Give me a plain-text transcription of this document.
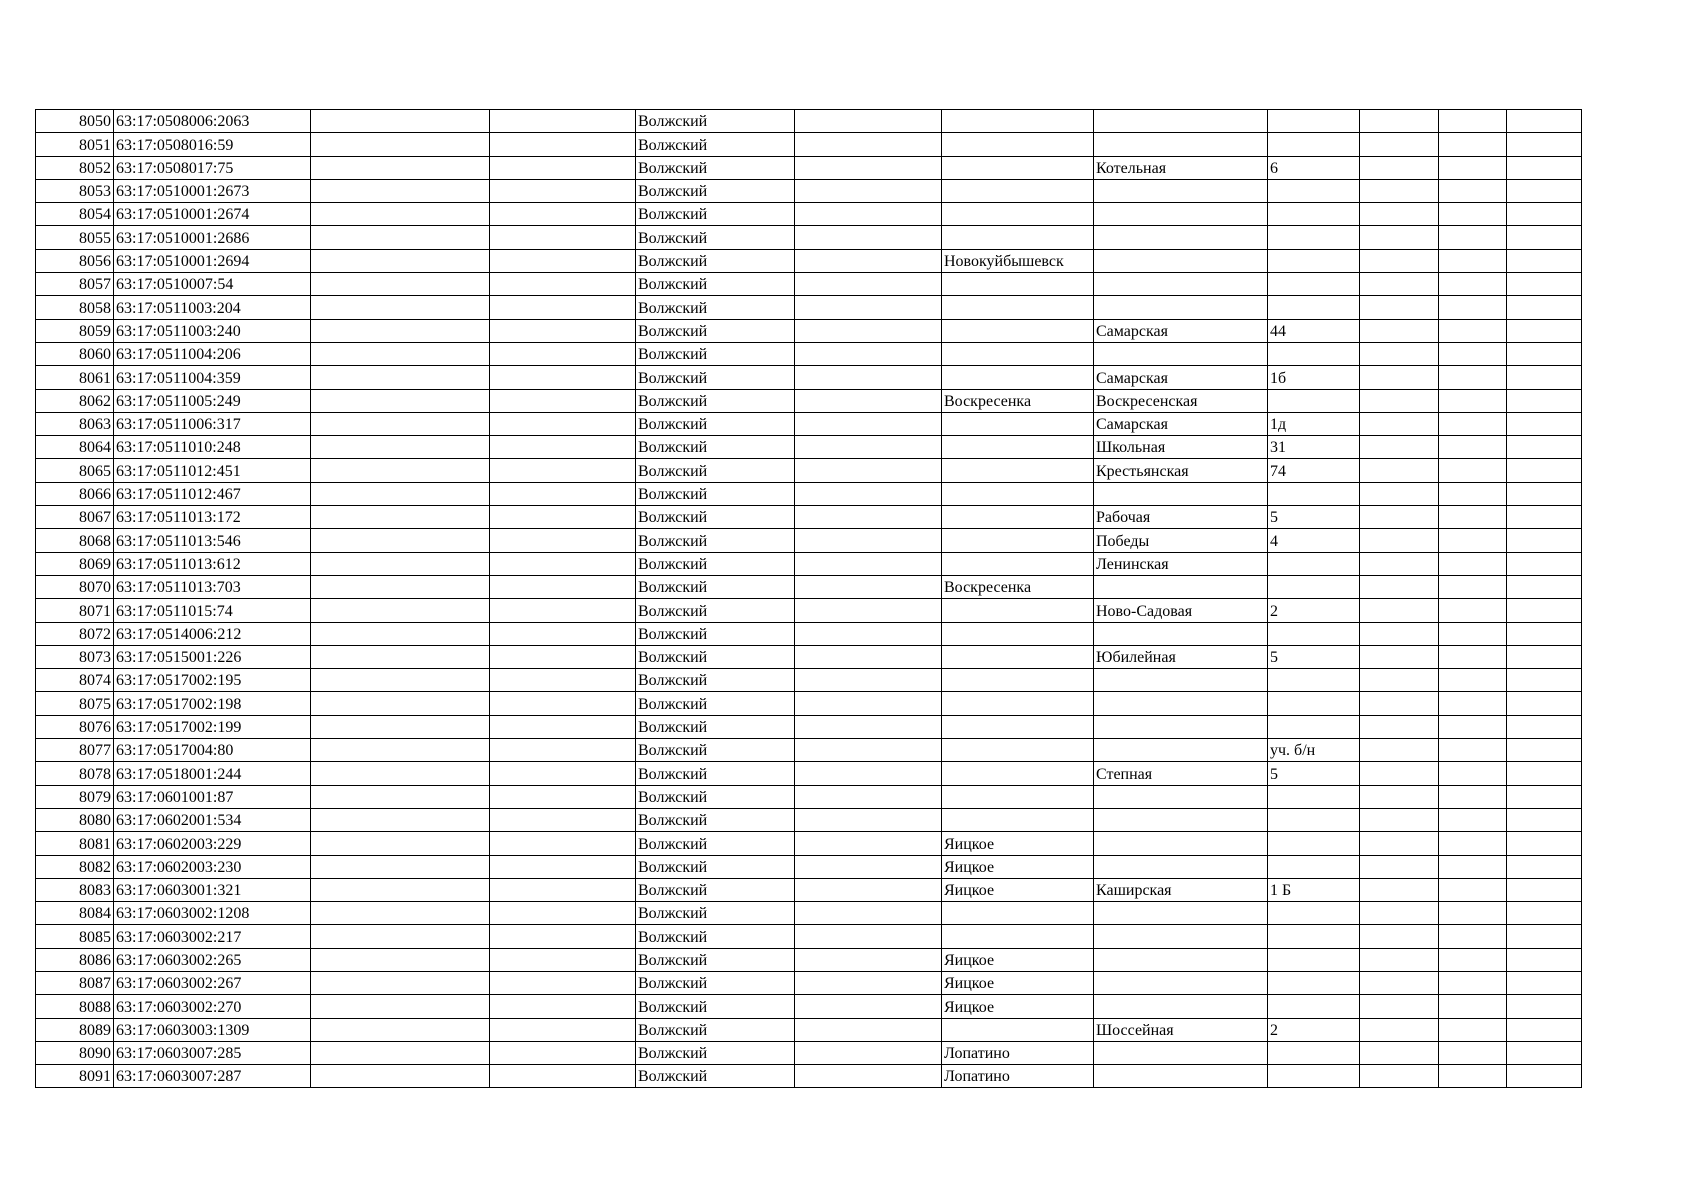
8050	63:17:0508006:2063			Волжский							
8051	63:17:0508016:59			Волжский							
8052	63:17:0508017:75			Волжский			Котельная	6			
8053	63:17:0510001:2673			Волжский							
8054	63:17:0510001:2674			Волжский							
8055	63:17:0510001:2686			Волжский							
8056	63:17:0510001:2694			Волжский		Новокуйбышевск					
8057	63:17:0510007:54			Волжский							
8058	63:17:0511003:204			Волжский							
8059	63:17:0511003:240			Волжский			Самарская	44			
8060	63:17:0511004:206			Волжский							
8061	63:17:0511004:359			Волжский			Самарская	1б			
8062	63:17:0511005:249			Волжский		Воскресенка	Воскресенская				
8063	63:17:0511006:317			Волжский			Самарская	1д			
8064	63:17:0511010:248			Волжский			Школьная	31			
8065	63:17:0511012:451			Волжский			Крестьянская	74			
8066	63:17:0511012:467			Волжский							
8067	63:17:0511013:172			Волжский			Рабочая	5			
8068	63:17:0511013:546			Волжский			Победы	4			
8069	63:17:0511013:612			Волжский			Ленинская				
8070	63:17:0511013:703			Волжский		Воскресенка					
8071	63:17:0511015:74			Волжский			Ново-Садовая	2			
8072	63:17:0514006:212			Волжский							
8073	63:17:0515001:226			Волжский			Юбилейная	5			
8074	63:17:0517002:195			Волжский							
8075	63:17:0517002:198			Волжский							
8076	63:17:0517002:199			Волжский							
8077	63:17:0517004:80			Волжский				уч. б/н			
8078	63:17:0518001:244			Волжский			Степная	5			
8079	63:17:0601001:87			Волжский							
8080	63:17:0602001:534			Волжский							
8081	63:17:0602003:229			Волжский		Яицкое					
8082	63:17:0602003:230			Волжский		Яицкое					
8083	63:17:0603001:321			Волжский		Яицкое	Каширская	1 Б			
8084	63:17:0603002:1208			Волжский							
8085	63:17:0603002:217			Волжский							
8086	63:17:0603002:265			Волжский		Яицкое					
8087	63:17:0603002:267			Волжский		Яицкое					
8088	63:17:0603002:270			Волжский		Яицкое					
8089	63:17:0603003:1309			Волжский			Шоссейная	2			
8090	63:17:0603007:285			Волжский		Лопатино					
8091	63:17:0603007:287			Волжский		Лопатино					
